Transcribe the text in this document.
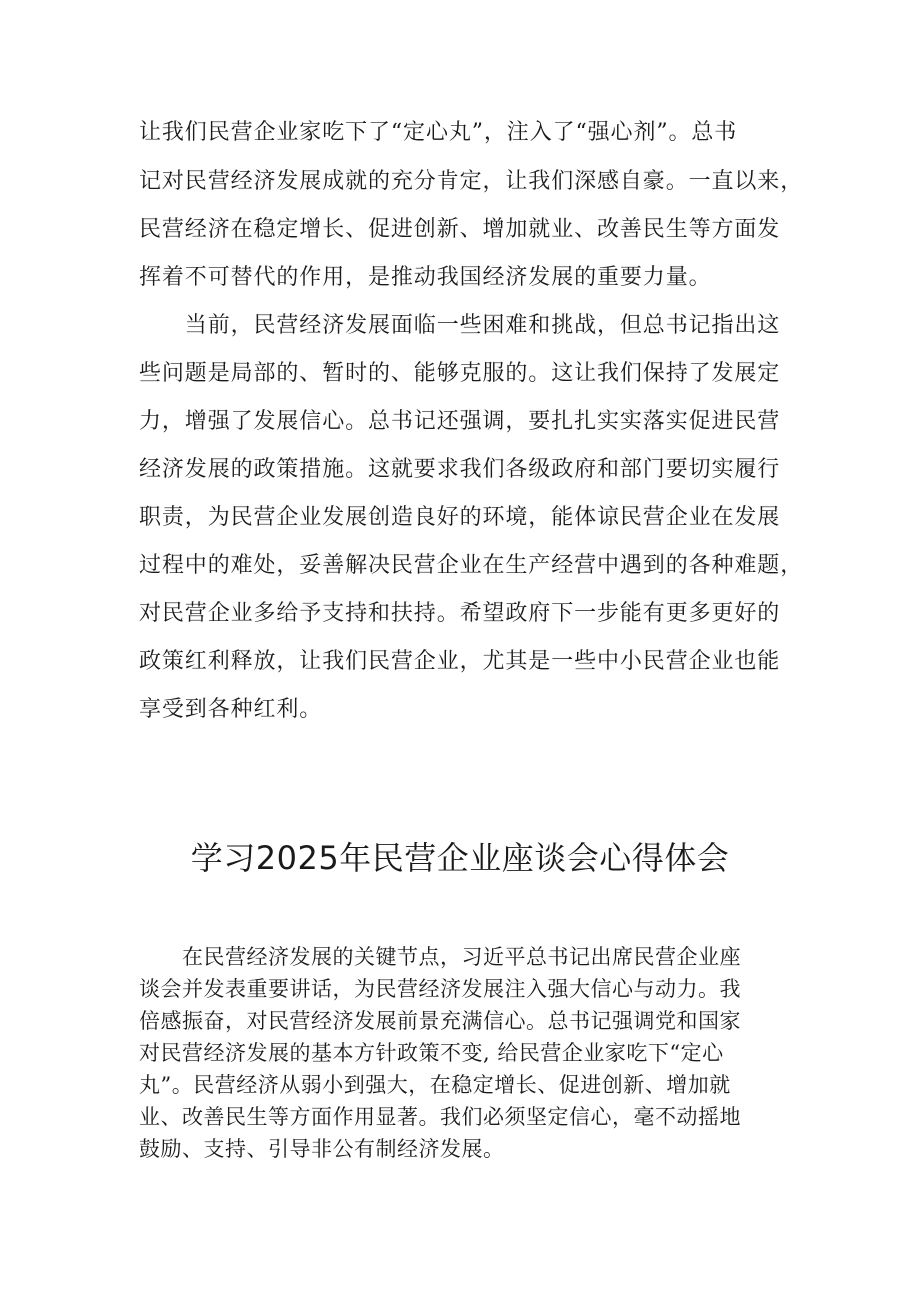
让我们民营企业家吃下了“定心丸”，注入了“强心剂”。总书
记对民营经济发展成就的充分肯定，让我们深感自豪。一直以来，
民营经济在稳定增长、促进创新、增加就业、改善民生等方面发
挥着不可替代的作用，是推动我国经济发展的重要力量。
　　当前，民营经济发展面临一些困难和挑战，但总书记指出这
些问题是局部的、暂时的、能够克服的。这让我们保持了发展定
力，增强了发展信心。总书记还强调，要扎扎实实落实促进民营
经济发展的政策措施。这就要求我们各级政府和部门要切实履行
职责，为民营企业发展创造良好的环境，能体谅民营企业在发展
过程中的难处，妥善解决民营企业在生产经营中遇到的各种难题，
对民营企业多给予支持和扶持。希望政府下一步能有更多更好的
政策红利释放，让我们民营企业，尤其是一些中小民营企业也能
享受到各种红利。
学习2025年民营企业座谈会心得体会
　　在民营经济发展的关键节点，习近平总书记出席民营企业座
谈会并发表重要讲话，为民营经济发展注入强大信心与动力。我
倍感振奋，对民营经济发展前景充满信心。总书记强调党和国家
对民营经济发展的基本方针政策不变, 给民营企业家吃下“定心
丸”。民营经济从弱小到强大，在稳定增长、促进创新、增加就
业、改善民生等方面作用显著。我们必须坚定信心，毫不动摇地
鼓励、支持、引导非公有制经济发展。
